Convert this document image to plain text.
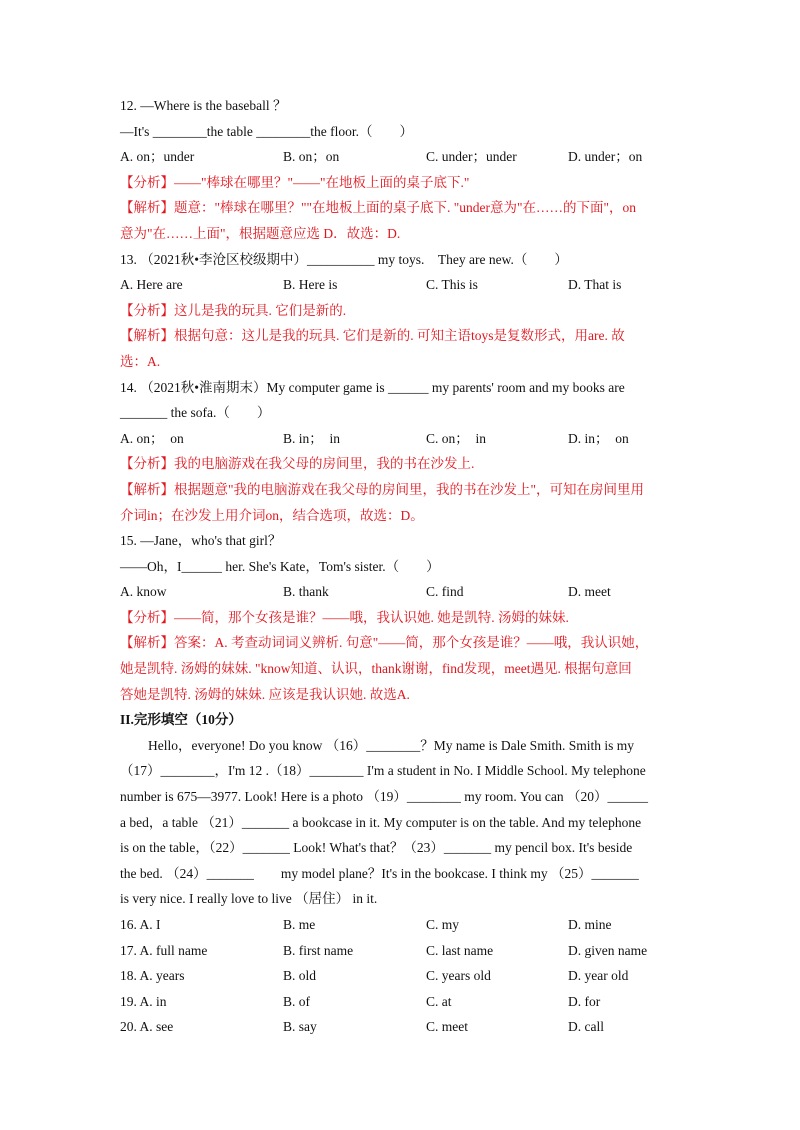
12. —Where is the baseball ？
—It's ________the table ________the floor.（　　）
A. on；under	B. on；on	C. under；under	D. under；on
【分析】——"棒球在哪里？"——"在地板上面的桌子底下."
【解析】题意："棒球在哪里？""在地板上面的桌子底下. "under意为"在……的下面"，on
意为"在……上面"，根据题意应选 D．故选：D.
13. （2021秋•李沧区校级期中）__________ my toys.　They are new.（　　）
A. Here are	B. Here is	C. This is	D. That is
【分析】这儿是我的玩具. 它们是新的.
【解析】根据句意：这儿是我的玩具. 它们是新的. 可知主语toys是复数形式，用are. 故
选：A.
14. （2021秋•淮南期末）My computer game is ______ my parents' room and my books are
_______ the sofa.（　　）
A. on；　on	B. in；　in	C. on；　in	D. in；　on
【分析】我的电脑游戏在我父母的房间里，我的书在沙发上.
【解析】根据题意"我的电脑游戏在我父母的房间里，我的书在沙发上"，可知在房间里用
介词in；在沙发上用介词on，结合选项，故选：D。
15. —Jane，who's that girl？
——Oh，I______ her. She's Kate，Tom's sister.（　　）
A. know	B. thank	C. find	D. meet
【分析】——简，那个女孩是谁？——哦，我认识她. 她是凯特. 汤姆的妹妹.
【解析】答案：A. 考查动词词义辨析. 句意"——简，那个女孩是谁？——哦，我认识她，
她是凯特. 汤姆的妹妹. "know知道、认识，thank谢谢，find发现，meet遇见. 根据句意回
答她是凯特. 汤姆的妹妹. 应该是我认识她. 故选A.
II.完形填空（10分）
Hello，everyone! Do you know （16）________？My name is Dale Smith. Smith is my
（17）________，I'm 12 .（18）________ I'm a student in No. I Middle School. My telephone
number is 675—3977. Look! Here is a photo （19）________ my room. You can （20）______
a bed，a table （21）_______ a bookcase in it. My computer is on the table. And my telephone
is on the table，（22）_______ Look! What's that？（23）_______ my pencil box. It's beside
the bed. （24）_______　　my model plane？It's in the bookcase. I think my （25）_______
is very nice. I really love to live （居住） in it.
16. A. I	B. me	C. my	D. mine
17. A. full name	B. first name	C. last name	D. given name
18. A. years	B. old	C. years old	D. year old
19. A. in	B. of	C. at	D. for
20. A. see	B. say	C. meet	D. call
